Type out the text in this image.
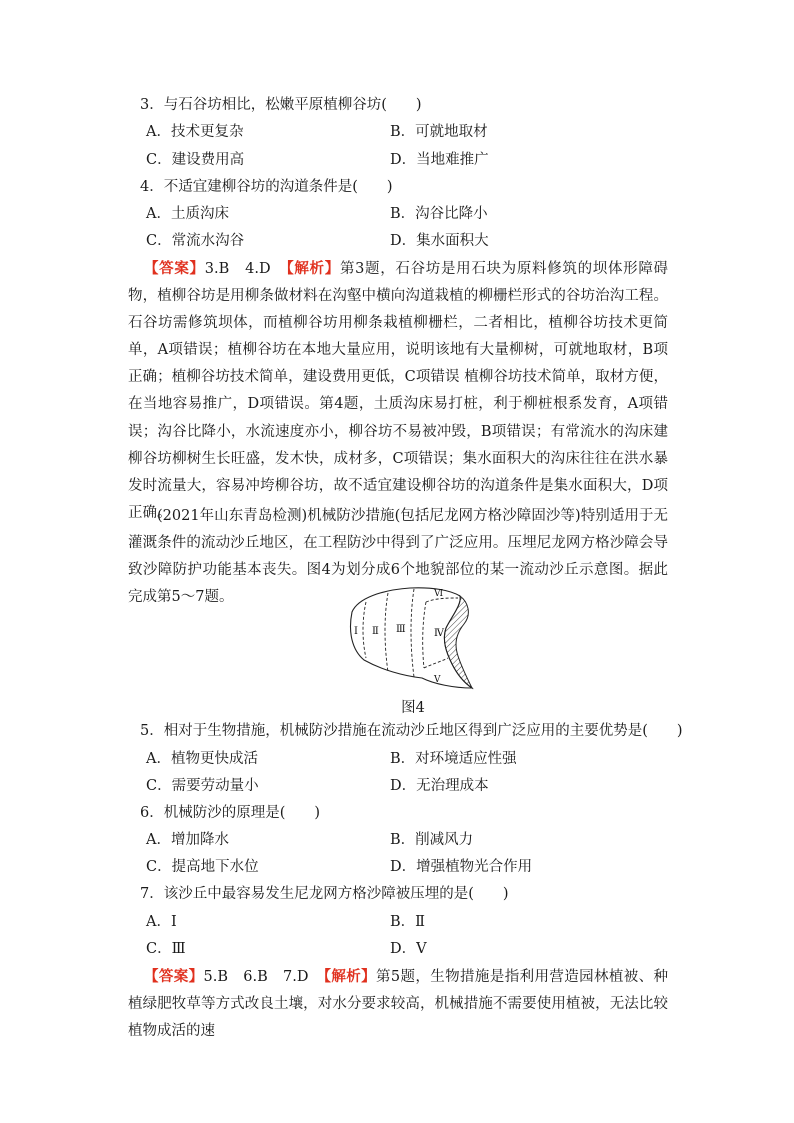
3．与石谷坊相比，松嫩平原植柳谷坊(　　)
A．技术更复杂	B．可就地取材
C．建设费用高	D．当地难推广
4．不适宜建柳谷坊的沟道条件是(　　)
A．土质沟床	B．沟谷比降小
C．常流水沟谷	D．集水面积大
【答案】3.B　4.D　【解析】第3题，石谷坊是用石块为原料修筑的坝体形障碍物，植柳谷坊是用柳条做材料在沟壑中横向沟道栽植的柳栅栏形式的谷坊治沟工程。石谷坊需修筑坝体，而植柳谷坊用柳条栽植柳栅栏，二者相比，植柳谷坊技术更简单，A项错误；植柳谷坊在本地大量应用，说明该地有大量柳树，可就地取材，B项正确；植柳谷坊技术简单，建设费用更低，C项错误 植柳谷坊技术简单，取材方便，在当地容易推广，D项错误。第4题，土质沟床易打桩，利于柳桩根系发育，A项错误；沟谷比降小，水流速度亦小，柳谷坊不易被冲毁，B项错误；有常流水的沟床建柳谷坊柳树生长旺盛，发木快，成材多，C项错误；集水面积大的沟床往往在洪水暴发时流量大，容易冲垮柳谷坊，故不适宜建设柳谷坊的沟道条件是集水面积大，D项正确。
(2021年山东青岛检测)机械防沙措施(包括尼龙网方格沙障固沙等)特别适用于无灌溉条件的流动沙丘地区，在工程防沙中得到了广泛应用。压埋尼龙网方格沙障会导致沙障防护功能基本丧失。图4为划分成6个地貌部位的某一流动沙丘示意图。据此完成第5～7题。
Ⅰ Ⅱ Ⅲ	Ⅳ
Ⅴ
Ⅵ
图4
5．相对于生物措施，机械防沙措施在流动沙丘地区得到广泛应用的主要优势是(　　)
A．植物更快成活	B．对环境适应性强
C．需要劳动量小	D．无治理成本
6．机械防沙的原理是(　　)
A．增加降水	B．削减风力
C．提高地下水位	D．增强植物光合作用
7．该沙丘中最容易发生尼龙网方格沙障被压埋的是(　　)
A．Ⅰ	B．Ⅱ
C．Ⅲ	D．Ⅴ
【答案】5.B　6.B　7.D　【解析】第5题，生物措施是指利用营造园林植被、种植绿肥牧草等方式改良土壤，对水分要求较高，机械措施不需要使用植被，无法比较植物成活的速
